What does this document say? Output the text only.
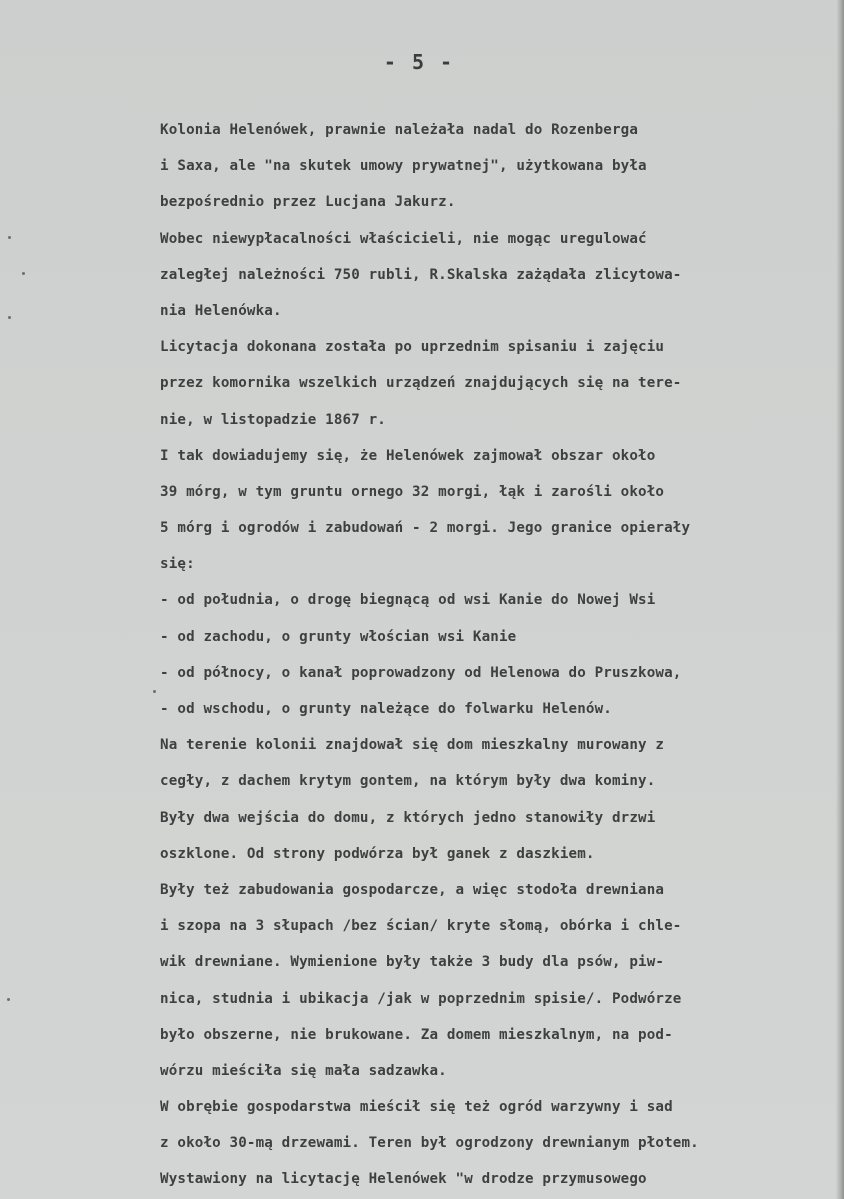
- 5 -
Kolonia Helenówek, prawnie należała nadal do Rozenberga
i Saxa, ale "na skutek umowy prywatnej", użytkowana była
bezpośrednio przez Lucjana Jakurz.
Wobec niewypłacalności właścicieli, nie mogąc uregulować
zaległej należności 750 rubli, R.Skalska zażądała zlicytowa-
nia Helenówka.
Licytacja dokonana została po uprzednim spisaniu i zajęciu
przez komornika wszelkich urządzeń znajdujących się na tere-
nie, w listopadzie 1867 r.
I tak dowiadujemy się, że Helenówek zajmował obszar około
39 mórg, w tym gruntu ornego 32 morgi, łąk i zarośli około
5 mórg i ogrodów i zabudowań - 2 morgi. Jego granice opierały
się:
- od południa, o drogę biegnącą od wsi Kanie do Nowej Wsi
- od zachodu, o grunty włościan wsi Kanie
- od północy, o kanał poprowadzony od Helenowa do Pruszkowa,
- od wschodu, o grunty należące do folwarku Helenów.
Na terenie kolonii znajdował się dom mieszkalny murowany z
cegły, z dachem krytym gontem, na którym były dwa kominy.
Były dwa wejścia do domu, z których jedno stanowiły drzwi
oszklone. Od strony podwórza był ganek z daszkiem.
Były też zabudowania gospodarcze, a więc stodoła drewniana
i szopa na 3 słupach /bez ścian/ kryte słomą, obórka i chle-
wik drewniane. Wymienione były także 3 budy dla psów, piw-
nica, studnia i ubikacja /jak w poprzednim spisie/. Podwórze
było obszerne, nie brukowane. Za domem mieszkalnym, na pod-
wórzu mieściła się mała sadzawka.
W obrębie gospodarstwa mieścił się też ogród warzywny i sad
z około 30-mą drzewami. Teren był ogrodzony drewnianym płotem.
Wystawiony na licytację Helenówek "w drodze przymusowego
